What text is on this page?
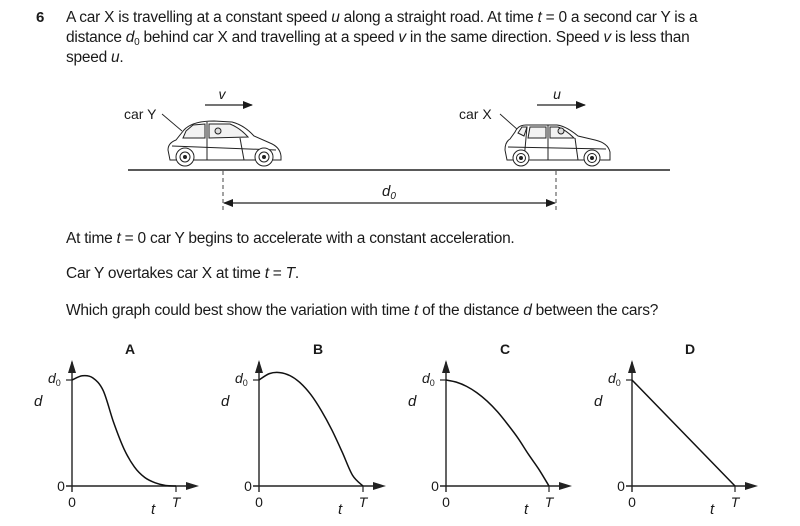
6 A car X is travelling at a constant speed u along a straight road. At time t = 0 a second car Y is a
distance $d_0$ behind car X and travelling at a speed v in the same direction. Speed v is less than
speed u.
At time t = 0 car Y begins to accelerate with a constant acceleration.
Car Y overtakes car X at time t = T.
Which graph could best show the variation with time t of the distance d between the cars?
v	u
car Y	car X
$d_0$
A
0
$d_0$
0	T
d
t
B
0
$d_0$
0	T
d
t
C
0
$d_0$
0	T
d
t
D
0
$d_0$
0	T
d
t
